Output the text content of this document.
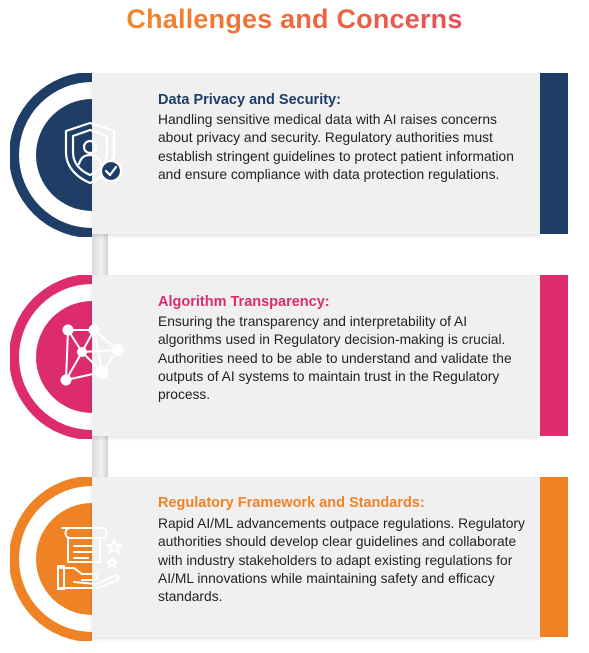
Challenges and Concerns
Data Privacy and Security:
Handling sensitive medical data with AI raises concerns about privacy and security. Regulatory authorities must establish stringent guidelines to protect patient information and ensure compliance with data protection regulations.
Algorithm Transparency:
Ensuring the transparency and interpretability of AI algorithms used in Regulatory decision-making is crucial. Authorities need to be able to understand and validate the outputs of AI systems to maintain trust in the Regulatory process.
Regulatory Framework and Standards:
Rapid AI/ML advancements outpace regulations. Regulatory authorities should develop clear guidelines and collaborate with industry stakeholders to adapt existing regulations for AI/ML innovations while maintaining safety and efficacy standards.
